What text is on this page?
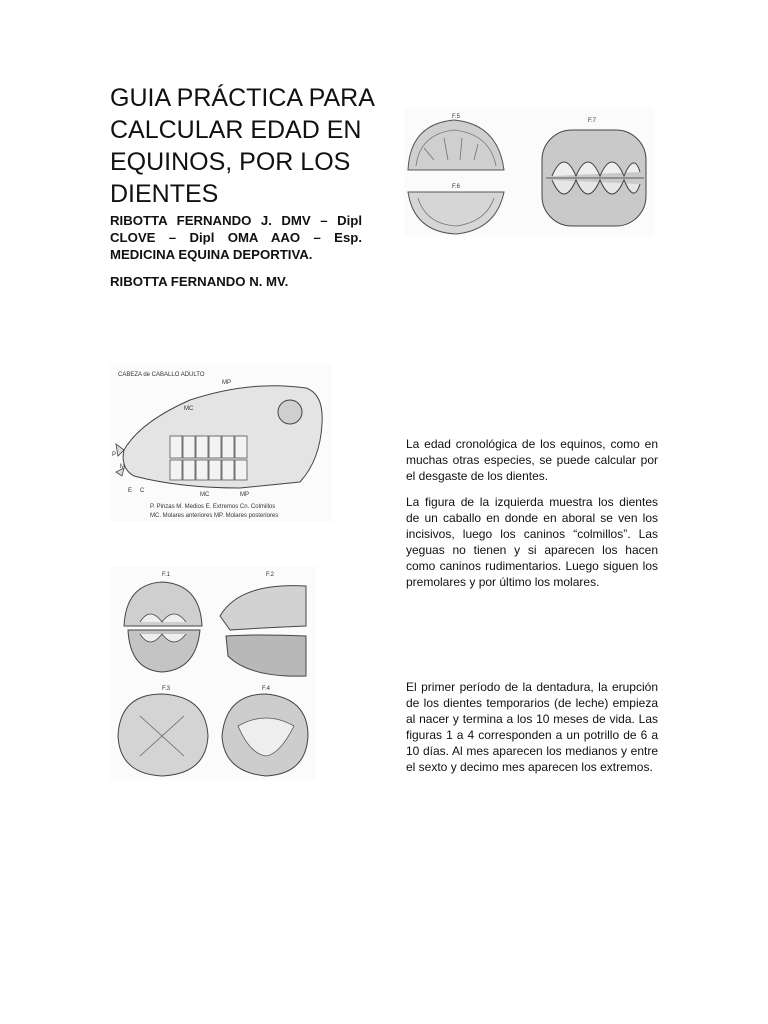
GUIA PRÁCTICA PARA CALCULAR EDAD EN EQUINOS, POR LOS DIENTES

RIBOTTA FERNANDO J. DMV – Dipl CLOVE – Dipl OMA AAO – Esp. MEDICINA EQUINA DEPORTIVA.

RIBOTTA FERNANDO N. MV.

F.5
F.6
F.7
CABEZA de CABALLO ADULTO
MP
MC
MC	MP
P
M
E C
P. Pinzas M. Medios E. Extremos Cn. Colmillos
MC. Molares anteriores MP. Molares posteriores
F.1	F.2
F.3	F.4

La edad cronológica de los equinos, como en muchas otras especies, se puede calcular por el desgaste de los dientes.

La figura de la izquierda muestra los dientes de un caballo en donde en aboral se ven los incisivos, luego los caninos “colmillos”. Las yeguas no tienen y si aparecen los hacen como caninos rudimentarios. Luego siguen los premolares y por último los molares.

El primer período de la dentadura, la erupción de los dientes temporarios (de leche) empieza al nacer y termina a los 10 meses de vida. Las figuras 1 a 4 corresponden a un potrillo de 6 a 10 días. Al mes aparecen los medianos y entre el sexto y decimo mes aparecen los extremos.
